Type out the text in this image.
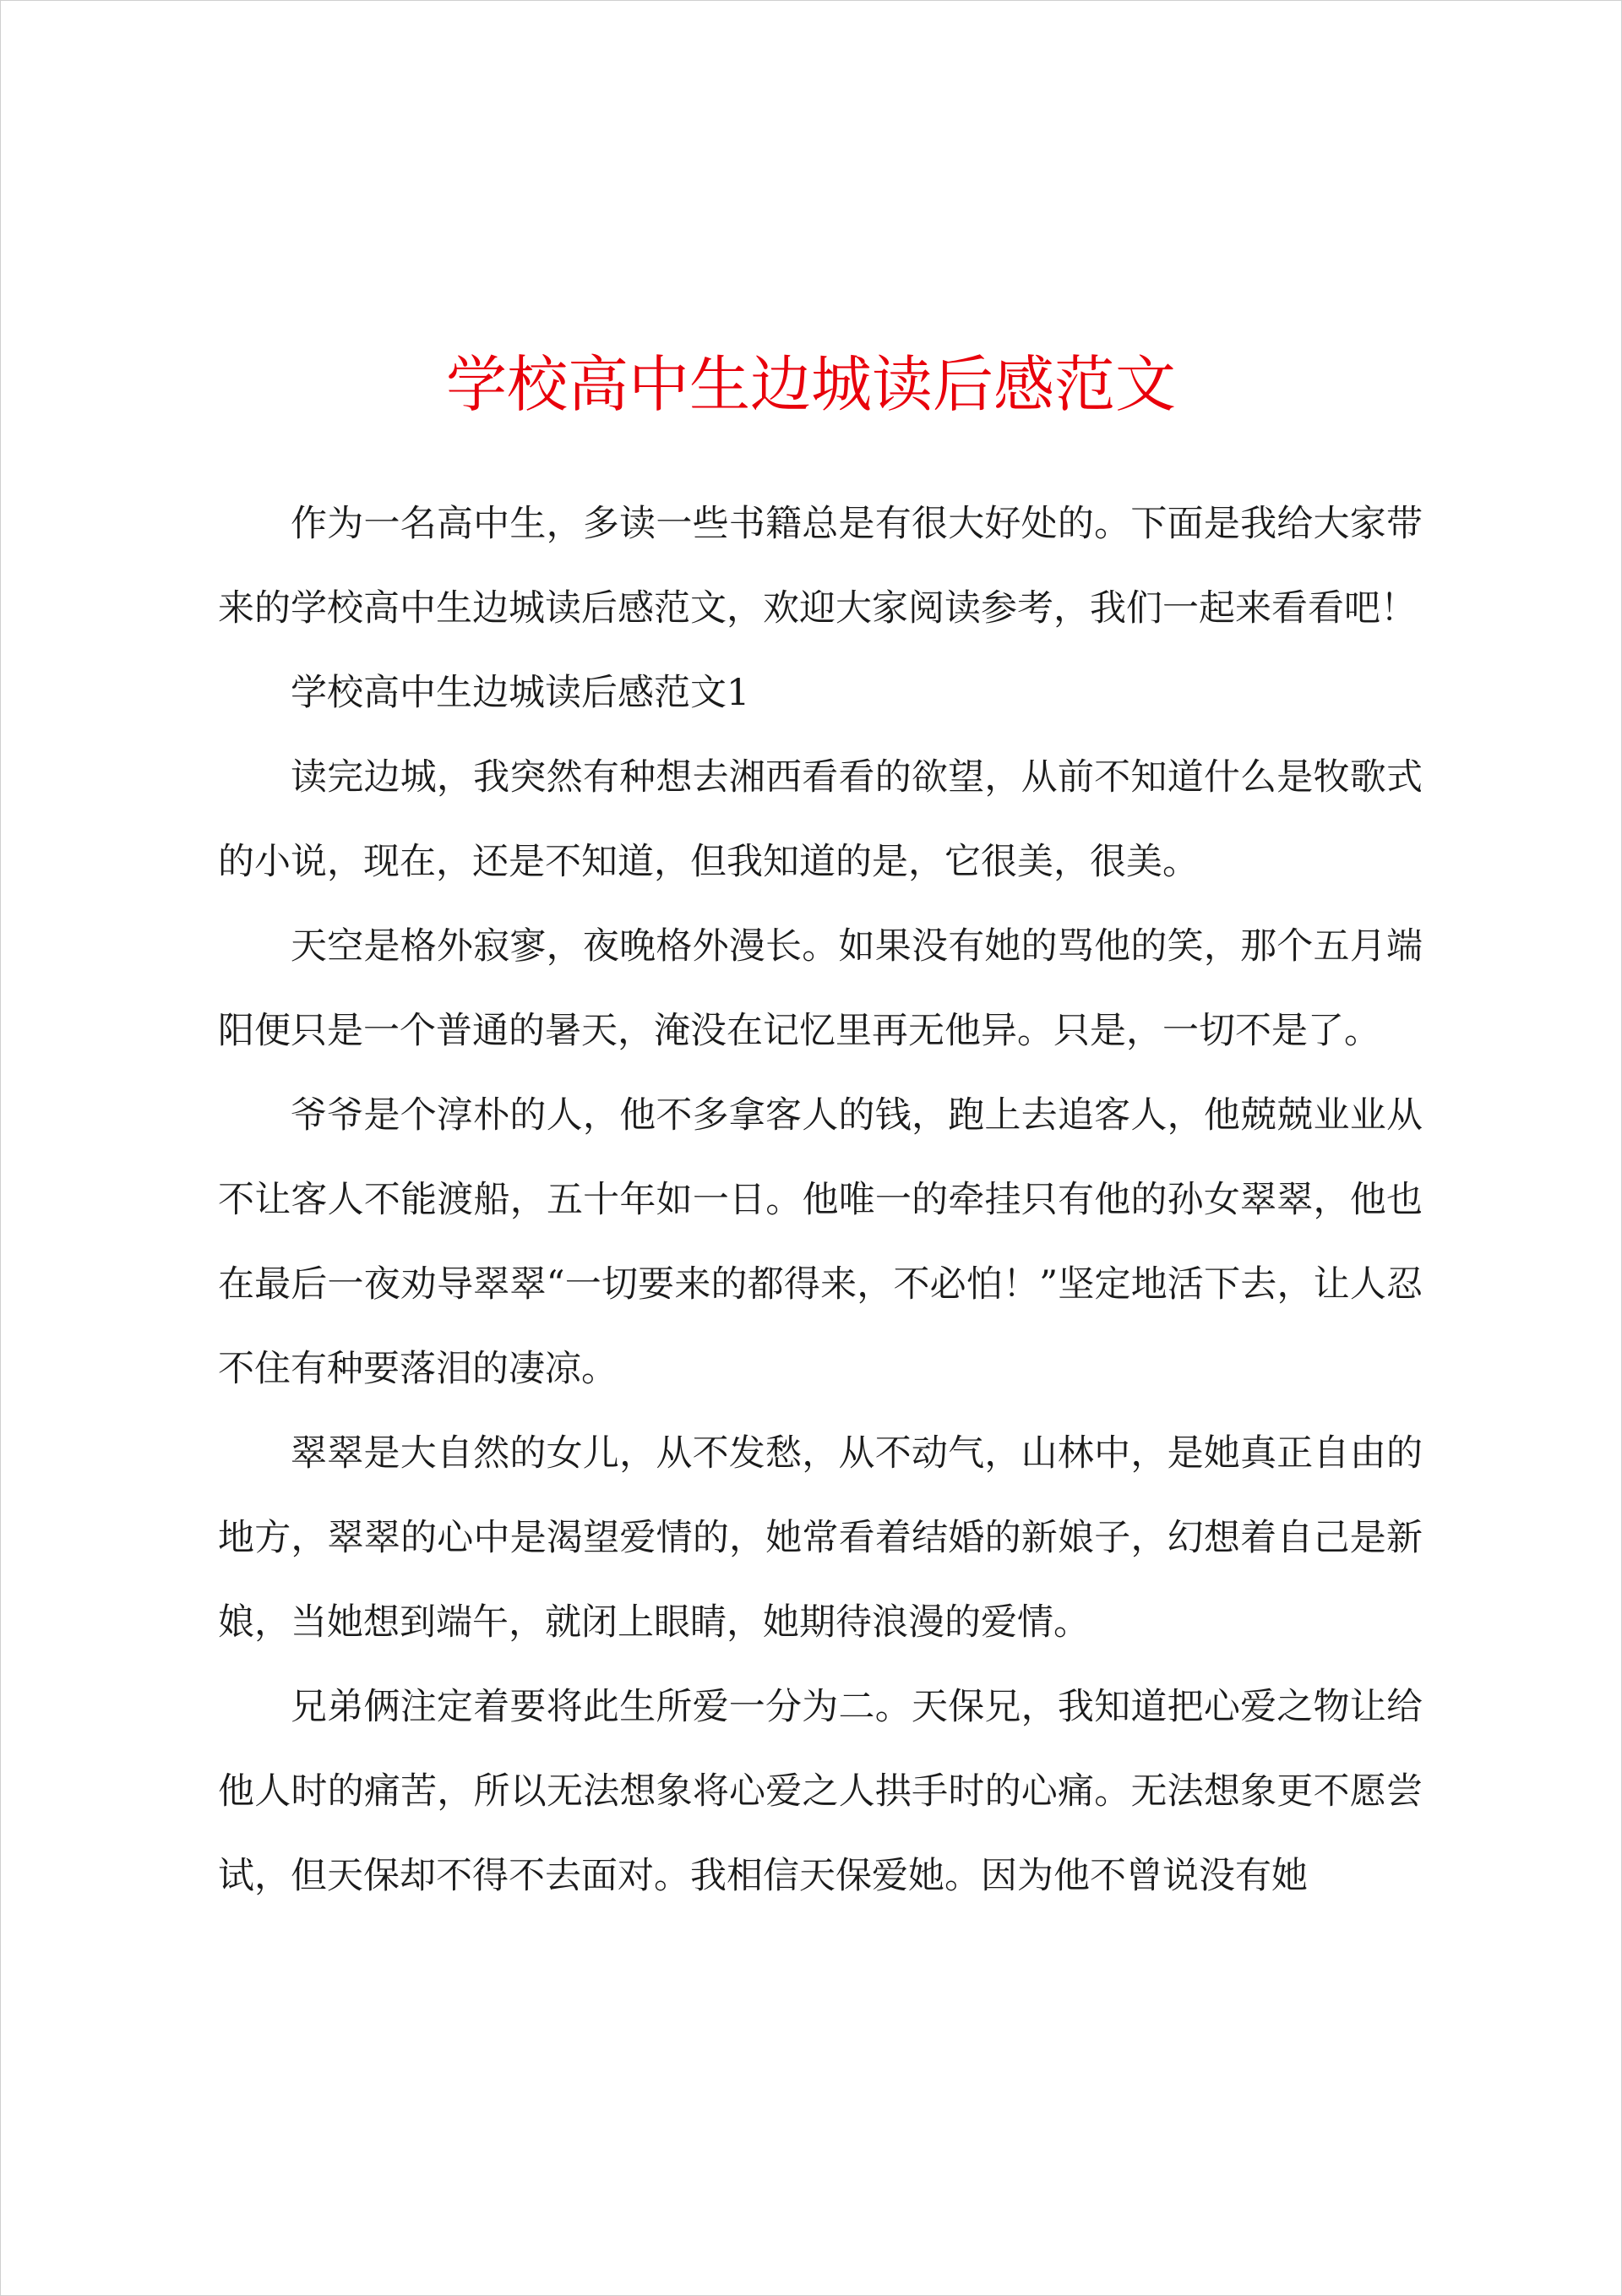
学校高中生边城读后感范文

作为一名高中生，多读一些书籍总是有很大好处的。下面是我给大家带来的学校高中生边城读后感范文，欢迎大家阅读参考，我们一起来看看吧！

学校高中生边城读后感范文1

读完边城，我突然有种想去湘西看看的欲望，从前不知道什么是牧歌式的小说，现在，还是不知道，但我知道的是，它很美，很美。

天空是格外寂寥，夜晚格外漫长。如果没有她的骂他的笑，那个五月端阳便只是一个普通的暑天，淹没在记忆里再无他异。只是，一切不是了。

爷爷是个淳朴的人，他不多拿客人的钱，跑上去追客人，他兢兢业业从不让客人不能渡船，五十年如一日。他唯一的牵挂只有他的孙女翠翠，他也在最后一夜劝导翠翠“一切要来的都得来，不必怕！”坚定地活下去，让人忍不住有种要落泪的凄凉。

翠翠是大自然的女儿，从不发愁，从不动气，山林中，是她真正自由的地方，翠翠的心中是渴望爱情的，她常看着结婚的新娘子，幻想着自己是新娘，当她想到端午，就闭上眼睛，她期待浪漫的爱情。

兄弟俩注定着要将此生所爱一分为二。天保兄，我知道把心爱之物让给他人时的痛苦，所以无法想象将心爱之人拱手时的心痛。无法想象更不愿尝试，但天保却不得不去面对。我相信天保爱她。因为他不曾说没有她
